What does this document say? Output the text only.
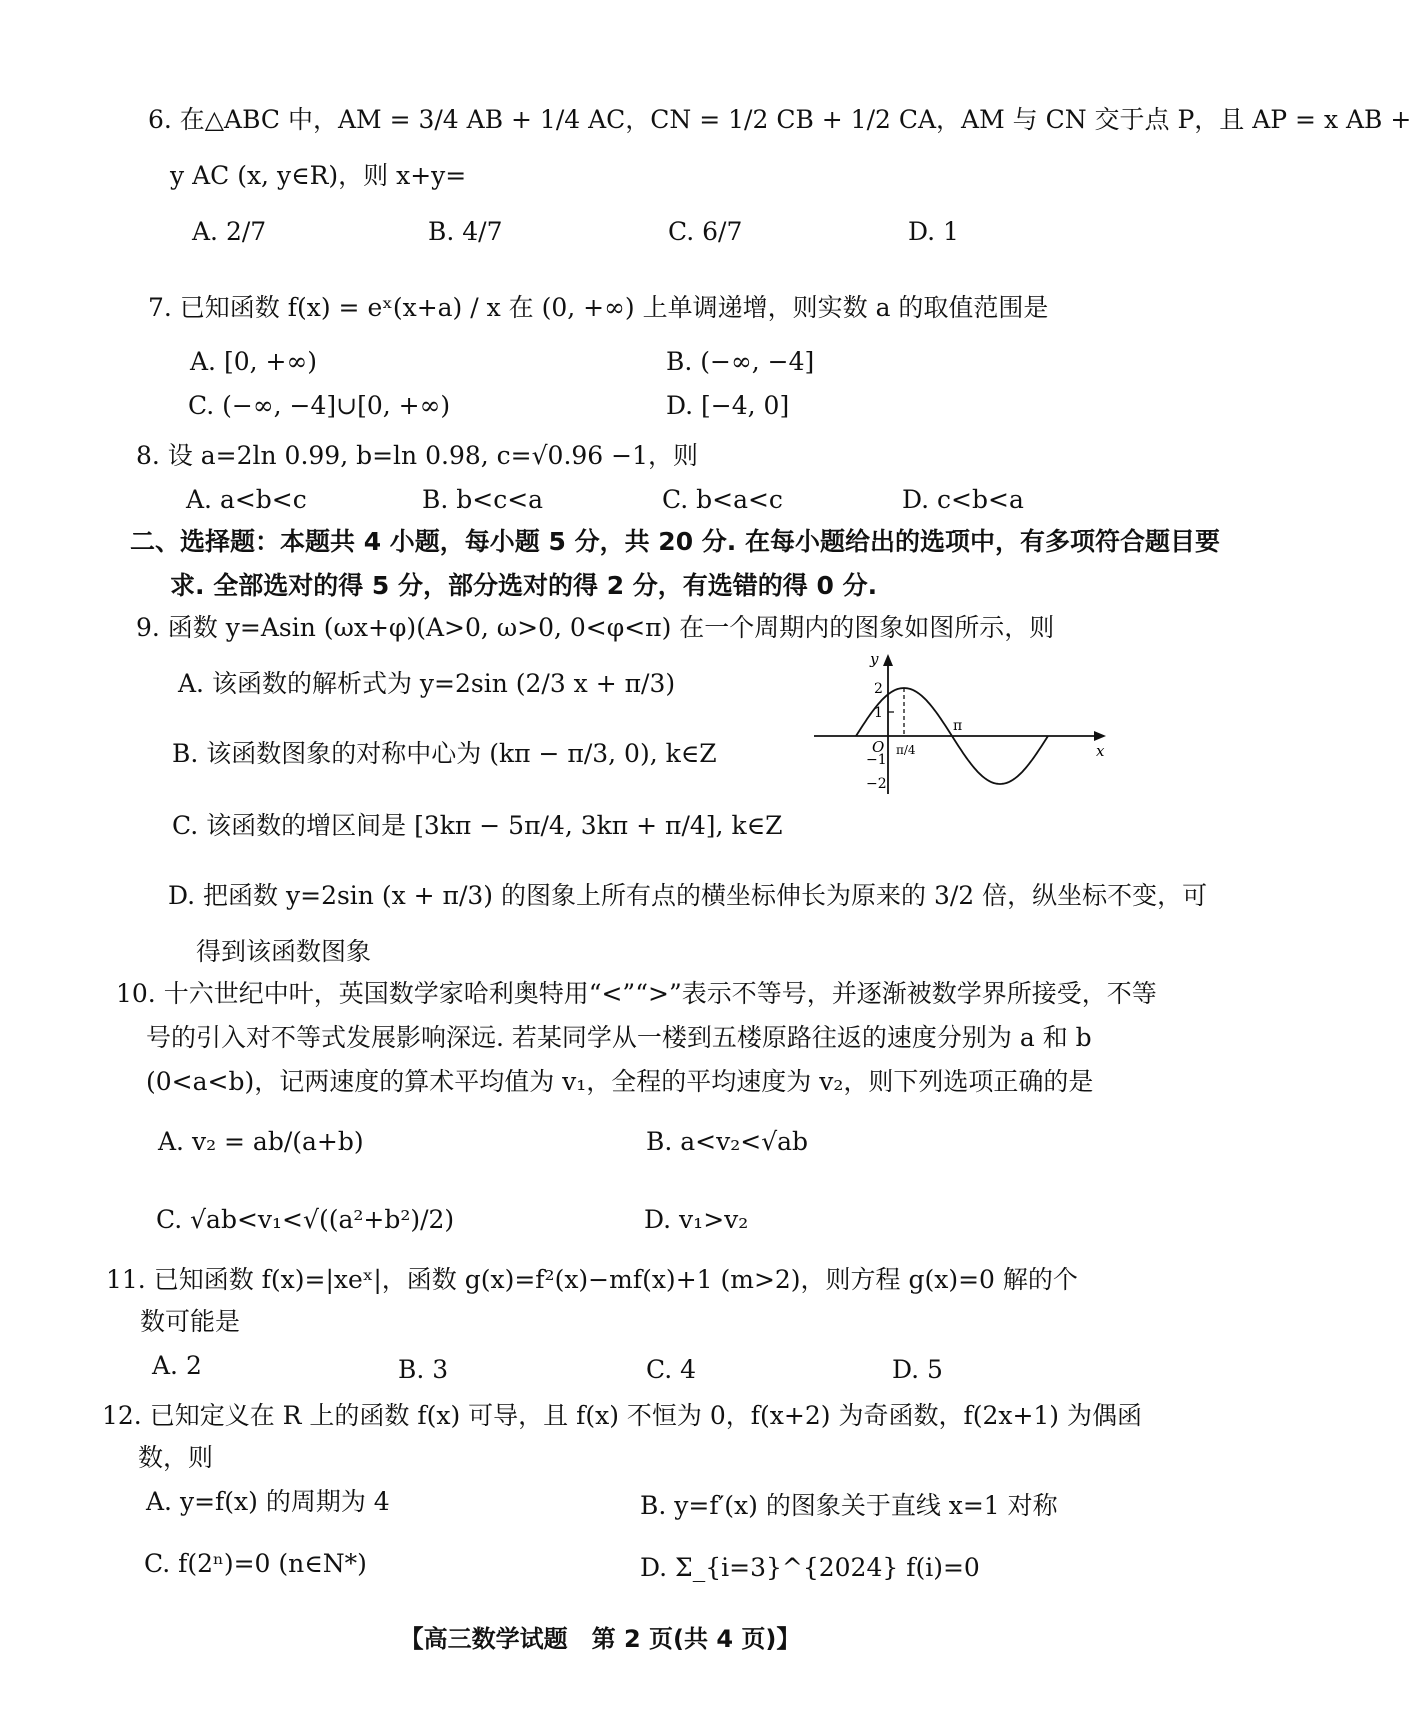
6. 在△ABC 中，AM = 3/4 AB + 1/4 AC，CN = 1/2 CB + 1/2 CA，AM 与 CN 交于点 P，且 AP = x AB +
y AC (x, y∈R)，则 x+y=
A. 2/7	B. 4/7	C. 6/7	D. 1
7. 已知函数 f(x) = eˣ(x+a) / x 在 (0, +∞) 上单调递增，则实数 a 的取值范围是
A. [0, +∞)	B. (−∞, −4]
C. (−∞, −4]∪[0, +∞)	D. [−4, 0]
8. 设 a=2ln 0.99, b=ln 0.98, c=√0.96 −1，则
A. a<b<c	B. b<c<a	C. b<a<c	D. c<b<a
二、选择题：本题共 4 小题，每小题 5 分，共 20 分. 在每小题给出的选项中，有多项符合题目要
求. 全部选对的得 5 分，部分选对的得 2 分，有选错的得 0 分.
9. 函数 y=Asin (ωx+φ)(A>0, ω>0, 0<φ<π) 在一个周期内的图象如图所示，则
A. 该函数的解析式为 y=2sin (2/3 x + π/3)
B. 该函数图象的对称中心为 (kπ − π/3, 0), k∈Z
C. 该函数的增区间是 [3kπ − 5π/4, 3kπ + π/4], k∈Z
D. 把函数 y=2sin (x + π/3) 的图象上所有点的横坐标伸长为原来的 3/2 倍，纵坐标不变，可
得到该函数图象
y
x
O
2
1
−1
−2
π/4
π
10. 十六世纪中叶，英国数学家哈利奥特用“<”“>”表示不等号，并逐渐被数学界所接受，不等
号的引入对不等式发展影响深远. 若某同学从一楼到五楼原路往返的速度分别为 a 和 b
(0<a<b)，记两速度的算术平均值为 v₁，全程的平均速度为 v₂，则下列选项正确的是
A. v₂ = ab/(a+b)	B. a<v₂<√ab
C. √ab<v₁<√((a²+b²)/2)	D. v₁>v₂
11. 已知函数 f(x)=|xeˣ|，函数 g(x)=f²(x)−mf(x)+1 (m>2)，则方程 g(x)=0 解的个
数可能是
A. 2	B. 3	C. 4	D. 5
12. 已知定义在 R 上的函数 f(x) 可导，且 f(x) 不恒为 0，f(x+2) 为奇函数，f(2x+1) 为偶函
数，则
A. y=f(x) 的周期为 4	B. y=f′(x) 的图象关于直线 x=1 对称
C. f(2ⁿ)=0 (n∈N*)	D. Σ_{i=3}^{2024} f(i)=0
【高三数学试题　第 2 页(共 4 页)】
